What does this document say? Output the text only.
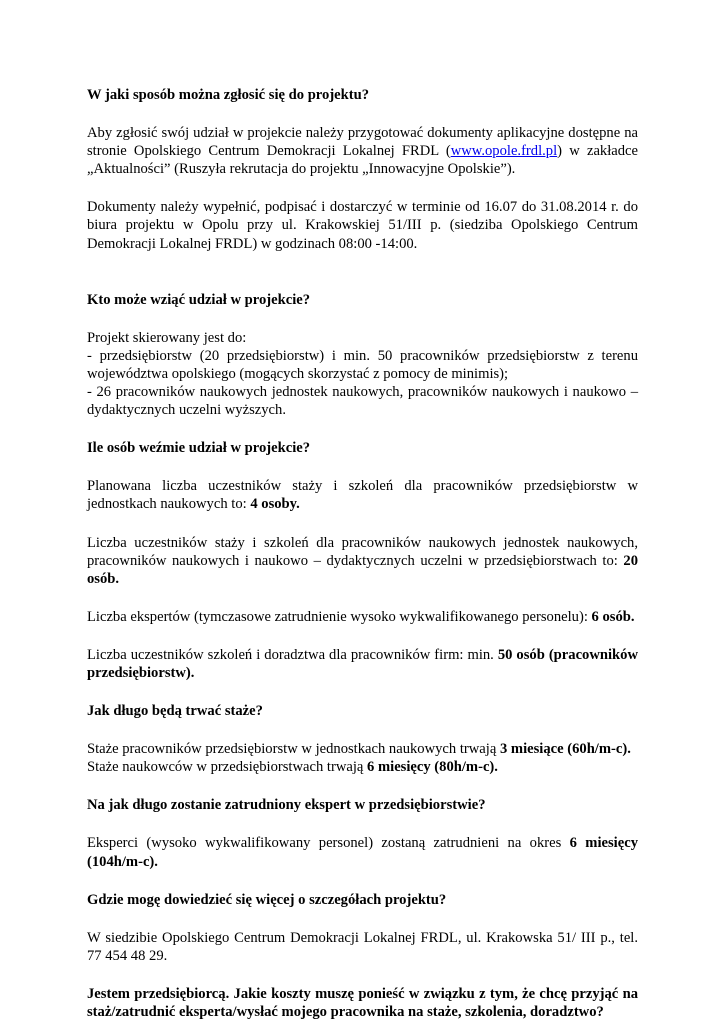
W jaki sposób można zgłosić się do projektu?

Aby zgłosić swój udział w projekcie należy przygotować dokumenty aplikacyjne dostępne na stronie Opolskiego Centrum Demokracji Lokalnej FRDL (www.opole.frdl.pl) w zakładce „Aktualności” (Ruszyła rekrutacja do projektu „Innowacyjne Opolskie”).

Dokumenty należy wypełnić, podpisać i dostarczyć w terminie od 16.07 do 31.08.2014 r. do biura projektu w Opolu przy ul. Krakowskiej 51/III p. (siedziba Opolskiego Centrum Demokracji Lokalnej FRDL) w godzinach 08:00 -14:00.

Kto może wziąć udział w projekcie?

Projekt skierowany jest do:

- przedsiębiorstw (20 przedsiębiorstw) i min. 50 pracowników przedsiębiorstw z terenu województwa opolskiego (mogących skorzystać z pomocy de minimis);

- 26 pracowników naukowych jednostek naukowych, pracowników naukowych i naukowo – dydaktycznych uczelni wyższych.

Ile osób weźmie udział w projekcie?

Planowana liczba uczestników staży i szkoleń dla pracowników przedsiębiorstw w jednostkach naukowych to: 4 osoby.

Liczba uczestników staży i szkoleń dla pracowników naukowych jednostek naukowych, pracowników naukowych i naukowo – dydaktycznych uczelni w przedsiębiorstwach to: 20 osób.

Liczba ekspertów (tymczasowe zatrudnienie wysoko wykwalifikowanego personelu): 6 osób.

Liczba uczestników szkoleń i doradztwa dla pracowników firm: min. 50 osób (pracowników przedsiębiorstw).

Jak długo będą trwać staże?

Staże pracowników przedsiębiorstw w jednostkach naukowych trwają 3 miesiące (60h/m-c).

Staże naukowców w przedsiębiorstwach trwają 6 miesięcy (80h/m-c).

Na jak długo zostanie zatrudniony ekspert w przedsiębiorstwie?

Eksperci (wysoko wykwalifikowany personel) zostaną zatrudnieni na okres 6 miesięcy (104h/m-c).

Gdzie mogę dowiedzieć się więcej o szczegółach projektu?

W siedzibie Opolskiego Centrum Demokracji Lokalnej FRDL, ul. Krakowska 51/ III p., tel. 77 454 48 29.

Jestem przedsiębiorcą. Jakie koszty muszę ponieść w związku z tym, że chcę przyjąć na staż/zatrudnić eksperta/wysłać mojego pracownika na staże, szkolenia, doradztwo?
